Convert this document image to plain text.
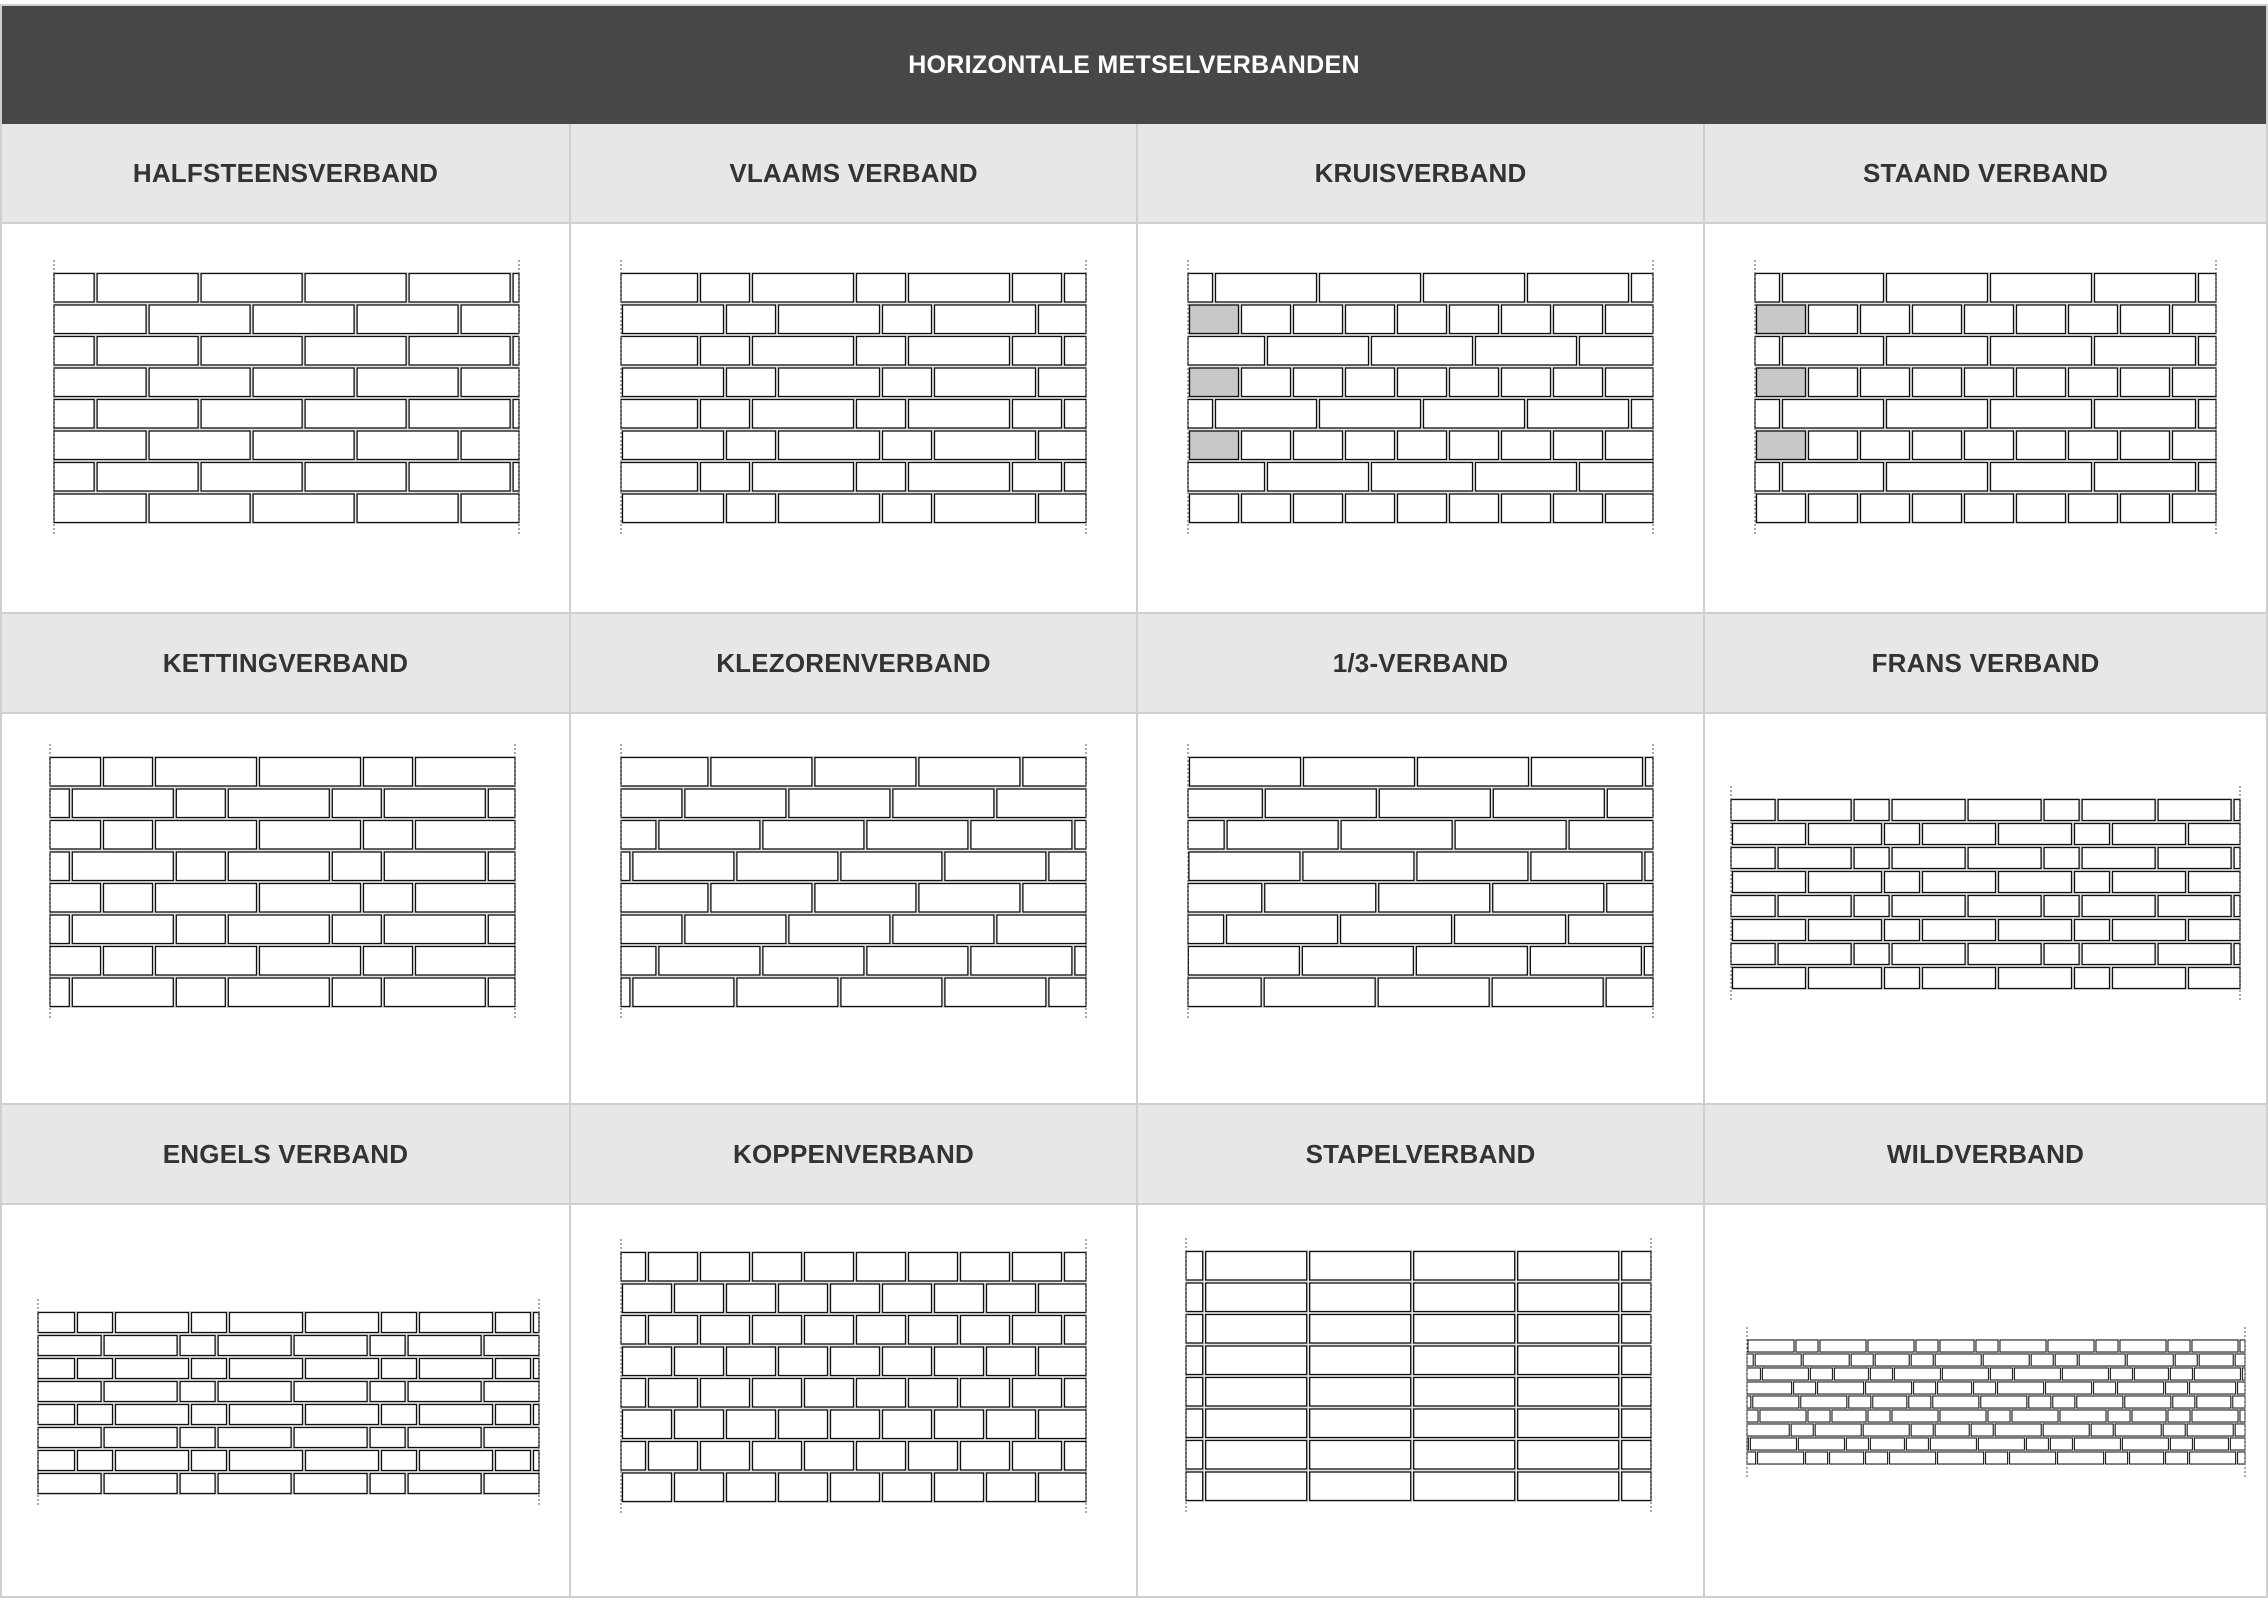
HORIZONTALE METSELVERBANDEN
HALFSTEENSVERBAND	VLAAMS VERBAND	KRUISVERBAND	STAAND VERBAND
KETTINGVERBAND	KLEZORENVERBAND	1/3-VERBAND	FRANS VERBAND
ENGELS VERBAND	KOPPENVERBAND	STAPELVERBAND	WILDVERBAND
